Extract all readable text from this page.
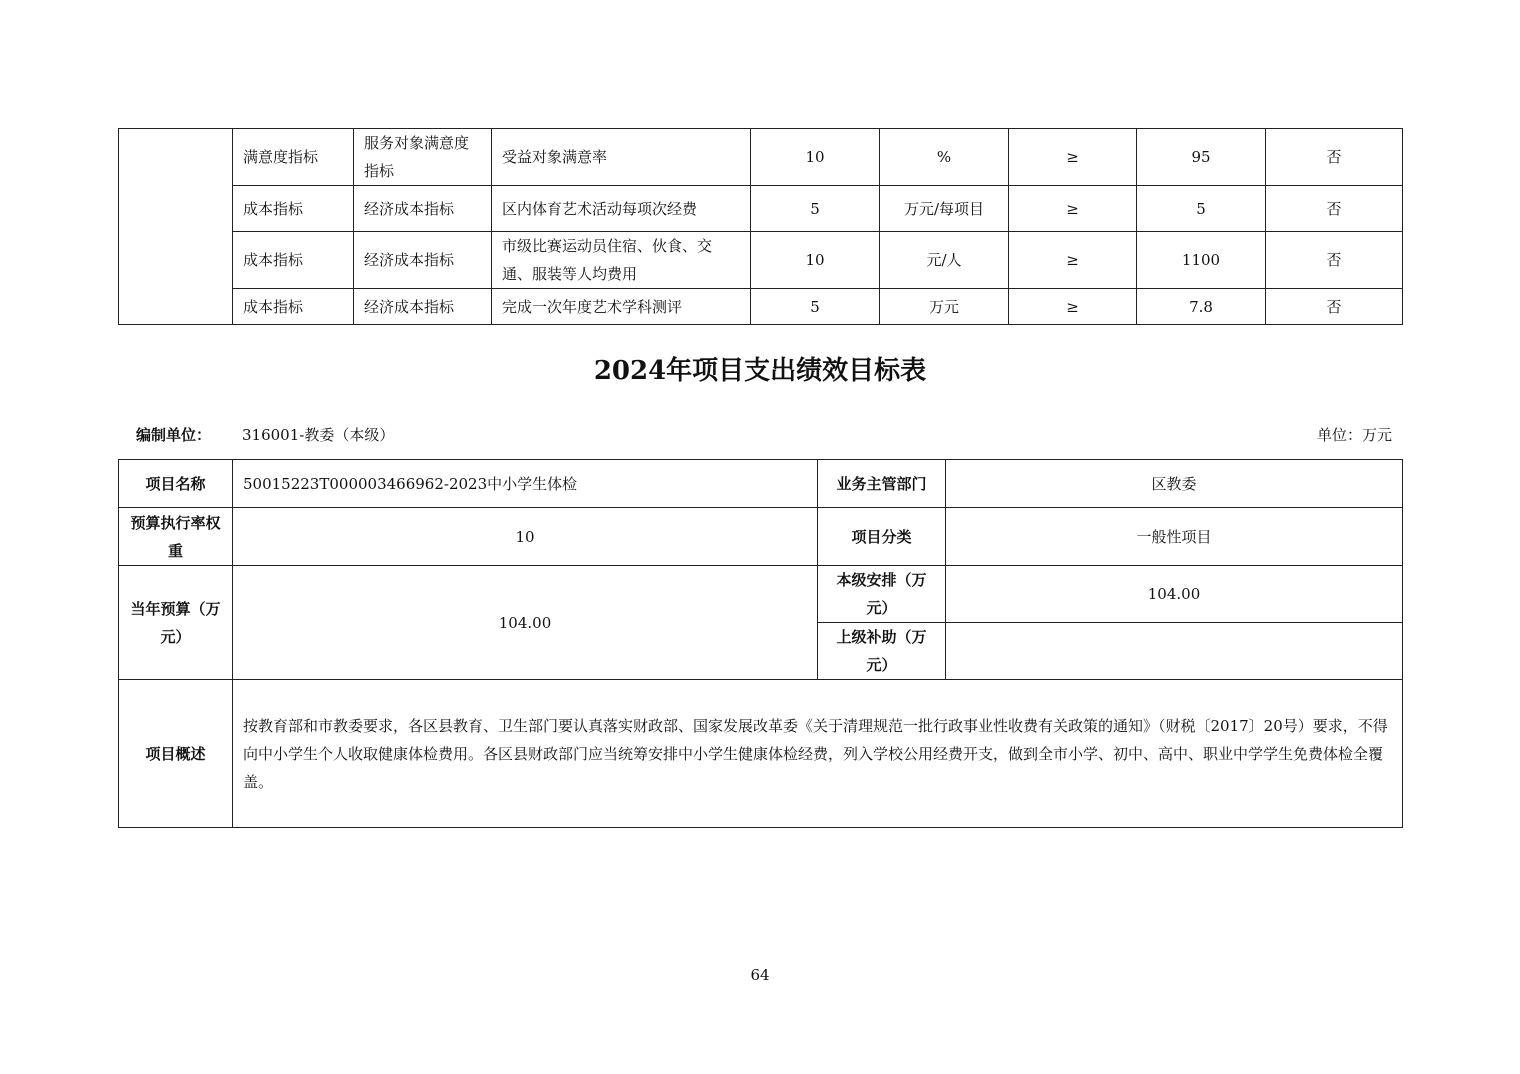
	满意度指标	服务对象满意度指标	受益对象满意率	10	%	≥	95	否
	成本指标	经济成本指标	区内体育艺术活动每项次经费	5	万元/每项目	≥	5	否
	成本指标	经济成本指标	市级比赛运动员住宿、伙食、交通、服装等人均费用	10	元/人	≥	1100	否
	成本指标	经济成本指标	完成一次年度艺术学科测评	5	万元	≥	7.8	否
2024年项目支出绩效目标表
编制单位： 316001-教委（本级）	单位：万元
项目名称	50015223T000003466962-2023中小学生体检	业务主管部门	区教委
预算执行率权重	10	项目分类	一般性项目
当年预算（万元）	104.00	本级安排（万元）	104.00
		上级补助（万元）	
项目概述	按教育部和市教委要求，各区县教育、卫生部门要认真落实财政部、国家发展改革委《关于清理规范一批行政事业性收费有关政策的通知》（财税〔2017〕20号）要求，不得向中小学生个人收取健康体检费用。各区县财政部门应当统筹安排中小学生健康体检经费，列入学校公用经费开支，做到全市小学、初中、高中、职业中学学生免费体检全覆盖。		
64
